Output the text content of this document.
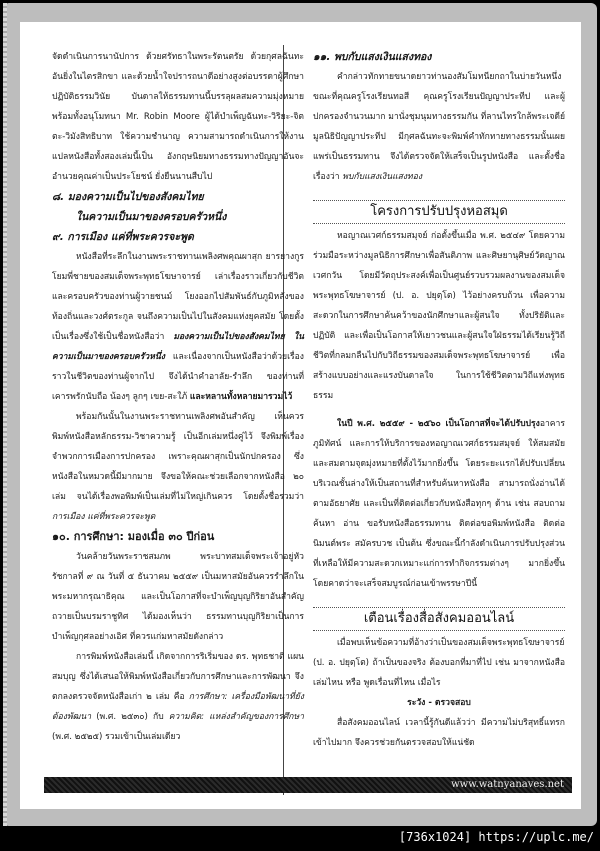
จัดดำเนินการนานัปการ ด้วยศรัทธาในพระรัตนตรัย ด้วยกุศลฉันทะอันยิ่งในไตรสิกขา และด้วยน้ำใจปรารถนาดีอย่างสูงต่อบรรดาผู้ศึกษาปฏิบัติธรรมวินัย บันดาลให้ธรรมทานนี้บรรลุผลสมความมุ่งหมาย พร้อมทั้งอนุโมทนา Mr. Robin Moore ผู้ได้บำเพ็ญฉันทะ-วิริยะ-จิตตะ-วิมังสิทธิบาท ใช้ความชำนาญ ความสามารถดำเนินการให้งานแปลหนังสือทั้งสองเล่มนี้เป็น อังกฤษนิยมทางธรรมทางปัญญาอันจะอำนวยคุณค่าเป็นประโยชน์ ยั่งยืนนานสืบไป

๘. มองความเป็นไปของสังคมไทย
ในความเป็นมาของครอบครัวหนึ่ง
๙. การเมือง แค่ที่พระควรจะพูด

หนังสือที่ระลึกในงานพระราชทานเพลิงศพคุณผาสุก ยารยางกูรโยมพี่ชายของสมเด็จพระพุทธโฆษาจารย์ เล่าเรื่องราวเกี่ยวกับชีวิตและครอบครัวของท่านผู้วายชนม์ โยงออกไปสัมพันธ์กับภูมิหลังของท้องถิ่นและวงศ์ตระกูล จนถึงความเป็นไปในสังคมแห่งยุคสมัย โดยตั้งเป็นเรื่องซึ่งใช้เป็นชื่อหนังสือว่า มองความเป็นไปของสังคมไทย ในความเป็นมาของครอบครัวหนึ่ง และเนื่องจากเป็นหนังสือว่าด้วยเรื่องราวในชีวิตของท่านผู้จากไป จึงได้นำคำอาลัย-รำลึก ของท่านที่เคารพรักนับถือ น้องๆ ลูกๆ เขย-สะใภ้ และหลานทั้งหลายมารวมไว้

พร้อมกันนั้นในงานพระราชทานเพลิงศพอันสำคัญ เห็นควรพิมพ์หนังสือหลักธรรม-วิชาความรู้ เป็นอีกเล่มหนึ่งคู่ไว้ จึงพิมพ์เรื่องจำพวกการเมืองการปกครอง เพราะคุณผาสุกเป็นนักปกครอง ซึ่งหนังสือในหมวดนี้มีมากมาย จึงขอให้คณะช่วยเลือกจากหนังสือ ๒๐ เล่ม จนได้เรื่องพอพิมพ์เป็นเล่มที่ไม่ใหญ่เกินควร โดยตั้งชื่อรวมว่า การเมือง แค่ที่พระควรจะพูด

๑๐. การศึกษา: มองเมื่อ ๓๐ ปีก่อน

วันคล้ายวันพระราชสมภพ พระบาทสมเด็จพระเจ้าอยู่หัว รัชกาลที่ ๙ ณ วันที่ ๕ ธันวาคม ๒๕๕๙ เป็นมหาสมัยอันควรรำลึกในพระมหากรุณาธิคุณ และเป็นโอกาสที่จะบำเพ็ญบุญกิริยาอันสำคัญ ถวายเป็นบรมราชูทิศ ได้มองเห็นว่า ธรรมทานบุญกิริยาเป็นการบำเพ็ญกุศลอย่างเอิศ ที่ควรแก่มหาสมัยดังกล่าว

การพิมพ์หนังสือเล่มนี้ เกิดจากการริเริ่มของ ดร. พุทธชาติ แผนสมบุญ ซึ่งได้เสนอให้พิมพ์หนังสือเกี่ยวกับการศึกษาและการพัฒนา จึงตกลงตรวจจัดหนังสือเก่า ๒ เล่ม คือ การศึกษา: เครื่องมือพัฒนาที่ยังต้องพัฒนา (พ.ศ. ๒๕๓๐) กับ ความคิด: แหล่งสำคัญของการศึกษา (พ.ศ. ๒๕๒๕) รวมเข้าเป็นเล่มเดียว

๑๑. พบกับแสงเงินแสงทอง

คำกล่าวทักทายขนาดยาวท่านองสัมโมทนียกถาในบ่ายวันหนึ่ง ขณะที่คุณครูโรงเรียนทอสี คุณครูโรงเรียนปัญญาประทีป และผู้ปกครองจำนวนมาก มานั่งชุมนุมทางธรรมกัน ที่ลานไทรใกล้พระเจดีย์ มูลนิธิปัญญาประทีป มีกุศลฉันทะจะพิมพ์คำทักทายทางธรรมนั้นเผยแพร่เป็นธรรมทาน จึงได้ตรวจจัดให้เสร็จเป็นรูปหนังสือ และตั้งชื่อเรื่องว่า พบกับแสงเงินแสงทอง

โครงการปรับปรุงหอสมุด

หอญาณเวศก์ธรรมสมุจย์ ก่อตั้งขึ้นเมื่อ พ.ศ. ๒๕๔๙ โดยความร่วมมือระหว่างมูลนิธิการศึกษาเพื่อสันติภาพ และศิษยานุศิษย์วัดญาณเวศกวัน โดยมีวัตถุประสงค์เพื่อเป็นศูนย์รวบรวมผลงานของสมเด็จพระพุทธโฆษาจารย์ (ป. อ. ปยุตฺโต) ไว้อย่างครบถ้วน เพื่อความสะดวกในการศึกษาค้นคว้าของนักศึกษาและผู้สนใจ ทั้งปริยัติและปฏิบัติ และเพื่อเป็นโอกาสให้เยาวชนและผู้สนใจใฝ่ธรรมได้เรียนรู้วิถีชีวิตที่กลมกลืนไปกับวิถีธรรมของสมเด็จพระพุทธโฆษาจารย์ เพื่อสร้างแบบอย่างและแรงบันดาลใจ ในการใช้ชีวิตตามวิถีแห่งพุทธธรรม

ในปี พ.ศ. ๒๕๕๙ - ๒๕๖๐ เป็นโอกาสที่จะได้ปรับปรุงอาคาร ภูมิทัศน์ และการให้บริการของหอญาณเวศก์ธรรมสมุจย์ ให้สมสมัยและสมตามจุดมุ่งหมายที่ตั้งไว้มากยิ่งขึ้น โดยระยะแรกได้ปรับเปลี่ยนบริเวณชั้นล่างให้เป็นสถานที่สำหรับค้นหาหนังสือ สามารถนั่งอ่านได้ตามอัธยาศัย และเป็นที่ติดต่อเกี่ยวกับหนังสือทุกๆ ด้าน เช่น สอบถาม ค้นหา อ่าน ขอรับหนังสือธรรมทาน ติดต่อขอพิมพ์หนังสือ ติดต่อนิมนต์พระ สมัครบวช เป็นต้น ซึ่งขณะนี้กำลังดำเนินการปรับปรุงส่วนที่เหลือให้มีความสะดวกเหมาะแก่การทำกิจกรรมต่างๆ มากยิ่งขึ้น โดยคาดว่าจะเสร็จสมบูรณ์ก่อนเข้าพรรษาปีนี้

เตือนเรื่องสื่อสังคมออนไลน์

เมื่อพบเห็นข้อความที่อ้างว่าเป็นของสมเด็จพระพุทธโฆษาจารย์ (ป. อ. ปยุตฺโต) ถ้าเป็นของจริง ต้องบอกที่มาที่ไป เช่น มาจากหนังสือเล่มไหน หรือ พูดเรื่อนที่ไหน เมื่อไร

ระวัง - ตรวจสอบ

สื่อสังคมออนไลน์ เวลานี้รู้กันดีแล้วว่า มีความไม่บริสุทธิ์แทรกเข้าไปมาก จึงควรช่วยกันตรวจสอบให้แน่ชัด

www.watnyanaves.net
[736x1024] https://uplc.me/
